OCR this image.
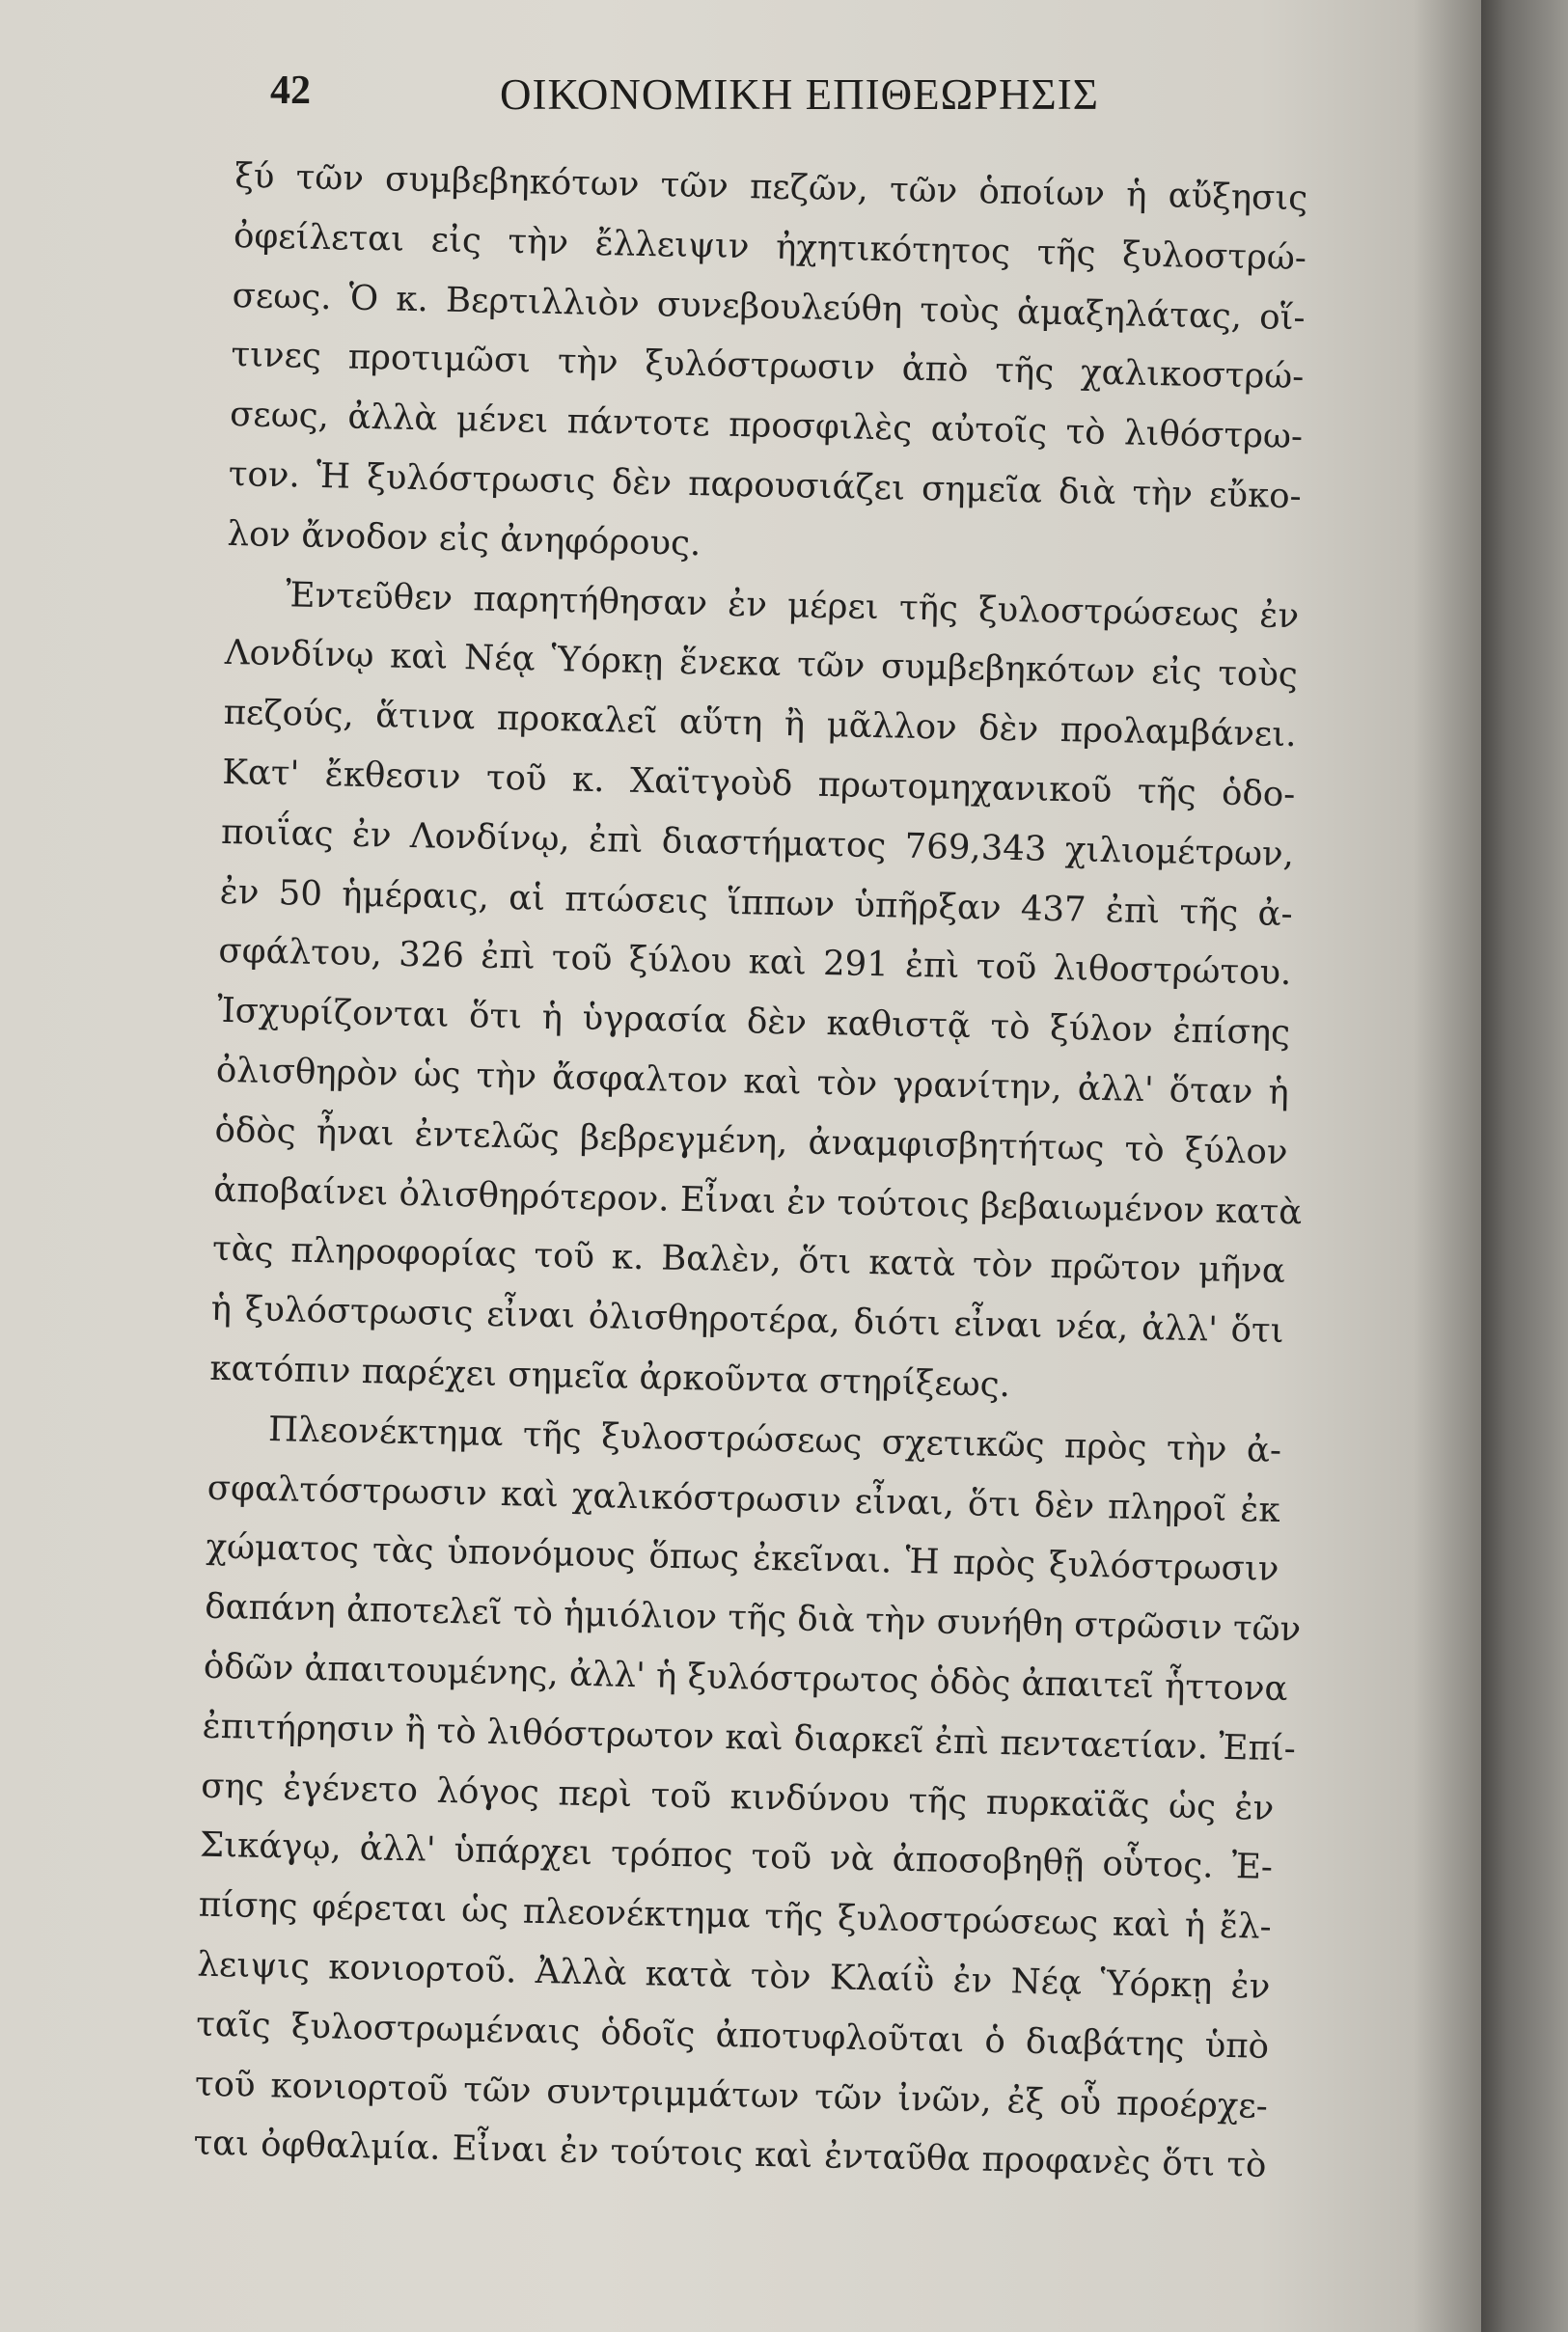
42	ΟΙΚΟΝΟΜΙΚΗ ΕΠΙΘΕΩΡΗΣΙΣ
ξύ τῶν συμβεβηκότων τῶν πεζῶν, τῶν ὁποίων ἡ αὔξησις
ὀφείλεται εἰς τὴν ἔλλειψιν ἠχητικότητος τῆς ξυλοστρώ-
σεως. Ὁ κ. Βερτιλλιὸν συνεβουλεύθη τοὺς ἁμαξηλάτας, οἵ-
τινες προτιμῶσι τὴν ξυλόστρωσιν ἀπὸ τῆς χαλικοστρώ-
σεως, ἀλλὰ μένει πάντοτε προσφιλὲς αὐτοῖς τὸ λιθόστρω-
τον. Ἡ ξυλόστρωσις δὲν παρουσιάζει σημεῖα διὰ τὴν εὔκο-
λον ἄνοδον εἰς ἀνηφόρους.
Ἐντεῦθεν παρητήθησαν ἐν μέρει τῆς ξυλοστρώσεως ἐν
Λονδίνῳ καὶ Νέᾳ Ὑόρκῃ ἕνεκα τῶν συμβεβηκότων εἰς τοὺς
πεζούς, ἅτινα προκαλεῖ αὕτη ἢ μᾶλλον δὲν προλαμβάνει.
Κατ' ἔκθεσιν τοῦ κ. Χαϊτγοὺδ πρωτομηχανικοῦ τῆς ὁδο-
ποιΐας ἐν Λονδίνῳ, ἐπὶ διαστήματος 769,343 χιλιομέτρων,
ἐν 50 ἡμέραις, αἱ πτώσεις ἵππων ὑπῆρξαν 437 ἐπὶ τῆς ἀ-
σφάλτου, 326 ἐπὶ τοῦ ξύλου καὶ 291 ἐπὶ τοῦ λιθοστρώτου.
Ἰσχυρίζονται ὅτι ἡ ὑγρασία δὲν καθιστᾷ τὸ ξύλον ἐπίσης
ὀλισθηρὸν ὡς τὴν ἄσφαλτον καὶ τὸν γρανίτην, ἀλλ' ὅταν ἡ
ὁδὸς ἦναι ἐντελῶς βεβρεγμένη, ἀναμφισβητήτως τὸ ξύλον
ἀποβαίνει ὀλισθηρότερον. Εἶναι ἐν τούτοις βεβαιωμένον κατὰ
τὰς πληροφορίας τοῦ κ. Βαλὲν, ὅτι κατὰ τὸν πρῶτον μῆνα
ἡ ξυλόστρωσις εἶναι ὀλισθηροτέρα, διότι εἶναι νέα, ἀλλ' ὅτι
κατόπιν παρέχει σημεῖα ἀρκοῦντα στηρίξεως.
Πλεονέκτημα τῆς ξυλοστρώσεως σχετικῶς πρὸς τὴν ἀ-
σφαλτόστρωσιν καὶ χαλικόστρωσιν εἶναι, ὅτι δὲν πληροῖ ἐκ
χώματος τὰς ὑπονόμους ὅπως ἐκεῖναι. Ἡ πρὸς ξυλόστρωσιν
δαπάνη ἀποτελεῖ τὸ ἡμιόλιον τῆς διὰ τὴν συνήθη στρῶσιν τῶν
ὁδῶν ἀπαιτουμένης, ἀλλ' ἡ ξυλόστρωτος ὁδὸς ἀπαιτεῖ ἧττονα
ἐπιτήρησιν ἢ τὸ λιθόστρωτον καὶ διαρκεῖ ἐπὶ πενταετίαν. Ἐπί-
σης ἐγένετο λόγος περὶ τοῦ κινδύνου τῆς πυρκαϊᾶς ὡς ἐν
Σικάγῳ, ἀλλ' ὑπάρχει τρόπος τοῦ νὰ ἀποσοβηθῇ οὗτος. Ἐ-
πίσης φέρεται ὡς πλεονέκτημα τῆς ξυλοστρώσεως καὶ ἡ ἔλ-
λειψις κονιορτοῦ. Ἀλλὰ κατὰ τὸν Κλαίῢ ἐν Νέᾳ Ὑόρκῃ ἐν
ταῖς ξυλοστρωμέναις ὁδοῖς ἀποτυφλοῦται ὁ διαβάτης ὑπὸ
τοῦ κονιορτοῦ τῶν συντριμμάτων τῶν ἰνῶν, ἐξ οὗ προέρχε-
ται ὀφθαλμία. Εἶναι ἐν τούτοις καὶ ἐνταῦθα προφανὲς ὅτι τὸ
